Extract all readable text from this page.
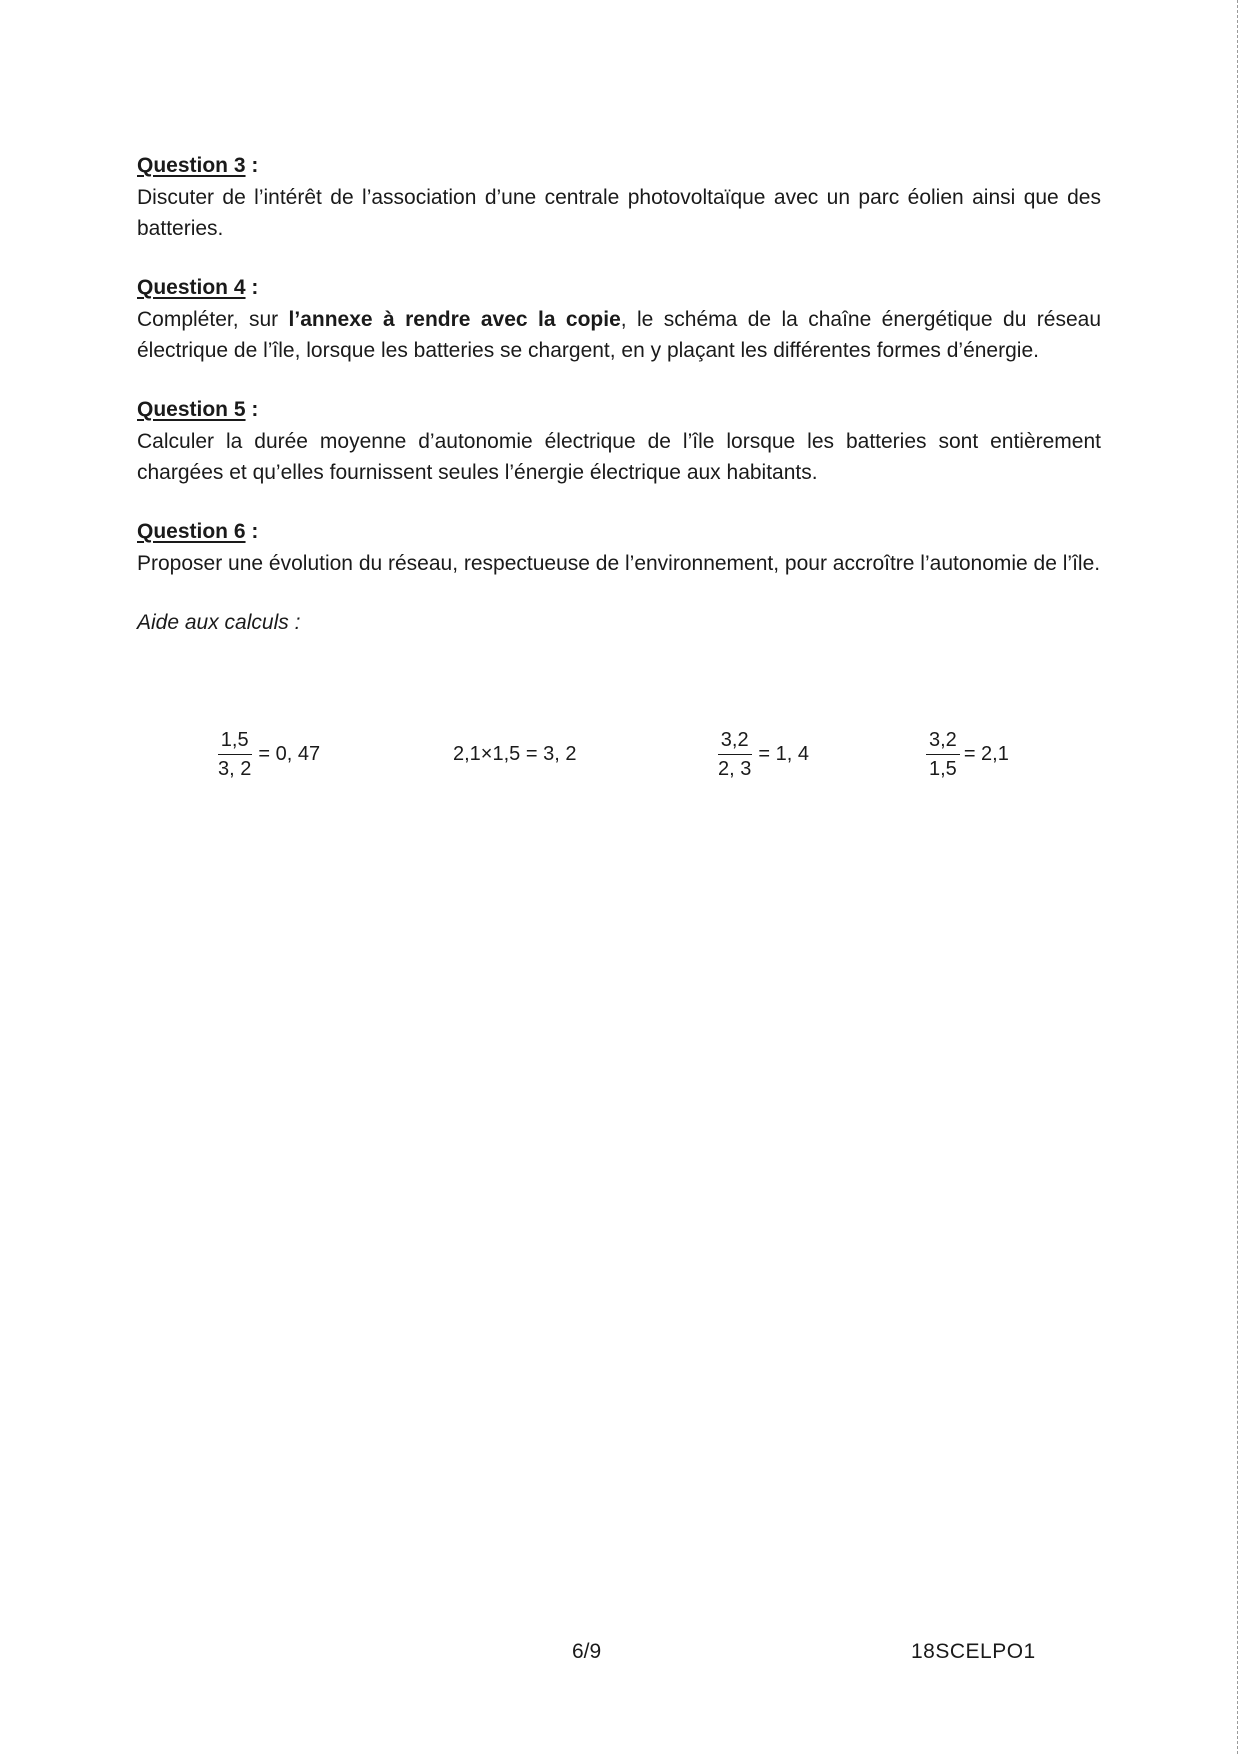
Question 3 :

Discuter de l’intérêt de l’association d’une centrale photovoltaïque avec un parc éolien ainsi que des batteries.

Question 4 :

Compléter, sur l’annexe à rendre avec la copie, le schéma de la chaîne énergétique du réseau électrique de l’île, lorsque les batteries se chargent, en y plaçant les différentes formes d’énergie.

Question 5 :

Calculer la durée moyenne d’autonomie électrique de l’île lorsque les batteries sont entièrement chargées et qu’elles fournissent seules l’énergie électrique aux habitants.

Question 6 :

Proposer une évolution du réseau, respectueuse de l’environnement, pour accroître l’autonomie de l’île.

Aide aux calculs :
$\frac{1,5}{3, 2} = 0$, 47	2,1×1,5 = 3, 2	$\frac{3,2}{2, 3} = 1$, 4	$\frac{3,2}{1,5} = 2,1$
6/9	18SCELPO1
